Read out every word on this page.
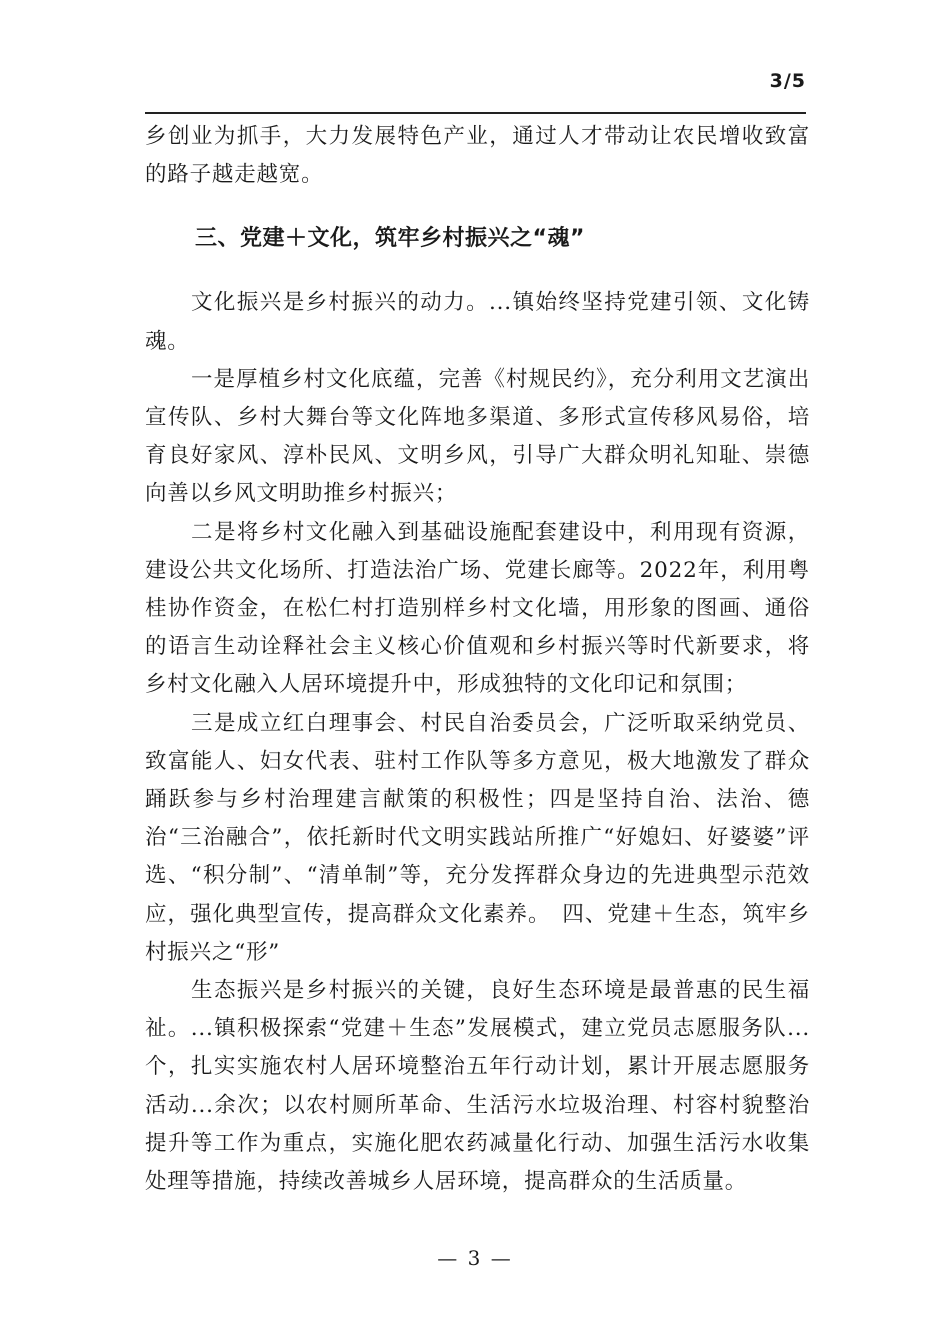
3/5

乡创业为抓手，大力发展特色产业，通过人才带动让农民增收致富的路子越走越宽。

三、党建＋文化，筑牢乡村振兴之“魂”

文化振兴是乡村振兴的动力。...镇始终坚持党建引领、文化铸魂。

一是厚植乡村文化底蕴，完善《村规民约》，充分利用文艺演出宣传队、乡村大舞台等文化阵地多渠道、多形式宣传移风易俗，培育良好家风、淳朴民风、文明乡风，引导广大群众明礼知耻、崇德向善以乡风文明助推乡村振兴；

二是将乡村文化融入到基础设施配套建设中，利用现有资源，建设公共文化场所、打造法治广场、党建长廊等。2022年，利用粤桂协作资金，在松仁村打造别样乡村文化墙，用形象的图画、通俗的语言生动诠释社会主义核心价值观和乡村振兴等时代新要求，将乡村文化融入人居环境提升中，形成独特的文化印记和氛围；

三是成立红白理事会、村民自治委员会，广泛听取采纳党员、致富能人、妇女代表、驻村工作队等多方意见，极大地激发了群众踊跃参与乡村治理建言献策的积极性；四是坚持自治、法治、德治“三治融合”，依托新时代文明实践站所推广“好媳妇、好婆婆”评选、“积分制”、“清单制”等，充分发挥群众身边的先进典型示范效应，强化典型宣传，提高群众文化素养。　四、党建＋生态，筑牢乡村振兴之“形”

生态振兴是乡村振兴的关键，良好生态环境是最普惠的民生福祉。...镇积极探索“党建＋生态”发展模式，建立党员志愿服务队...个，扎实实施农村人居环境整治五年行动计划，累计开展志愿服务活动...余次；以农村厕所革命、生活污水垃圾治理、村容村貌整治提升等工作为重点，实施化肥农药减量化行动、加强生活污水收集处理等措施，持续改善城乡人居环境，提高群众的生活质量。

— 3 —
